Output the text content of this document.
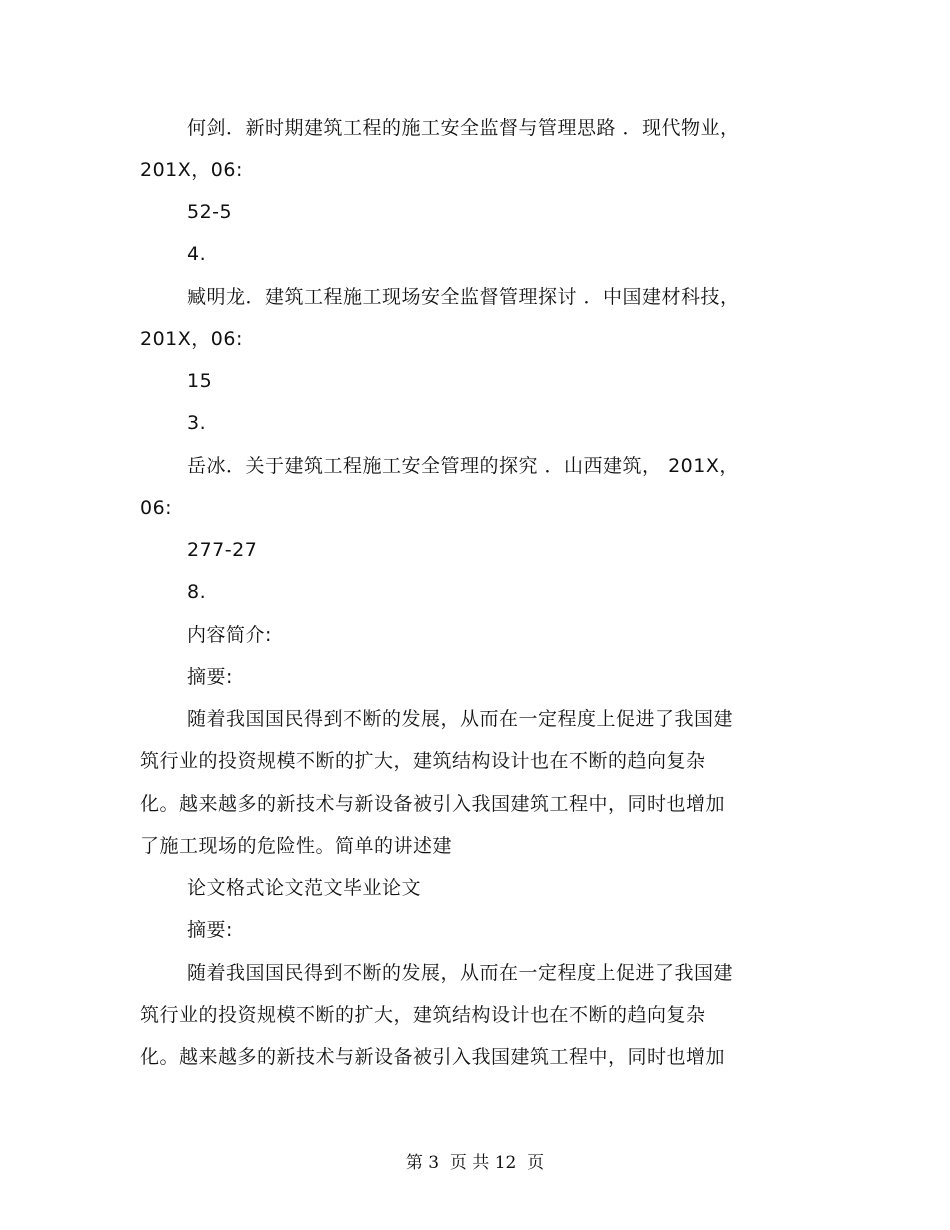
何剑．新时期建筑工程的施工安全监督与管理思路 ．现代物业，
201X，06:
52-5
4.
臧明龙．建筑工程施工现场安全监督管理探讨 ．中国建材科技，
201X，06:
15
3.
岳冰．关于建筑工程施工安全管理的探究 ．山西建筑， 201X，
06:
277-27
8.
内容简介:
摘要:
随着我国国民得到不断的发展，从而在一定程度上促进了我国建
筑行业的投资规模不断的扩大，建筑结构设计也在不断的趋向复杂
化。越来越多的新技术与新设备被引入我国建筑工程中，同时也增加
了施工现场的危险性。简单的讲述建
论文格式论文范文毕业论文
摘要:
随着我国国民得到不断的发展，从而在一定程度上促进了我国建
筑行业的投资规模不断的扩大，建筑结构设计也在不断的趋向复杂
化。越来越多的新技术与新设备被引入我国建筑工程中，同时也增加
第 3  页 共 12  页
